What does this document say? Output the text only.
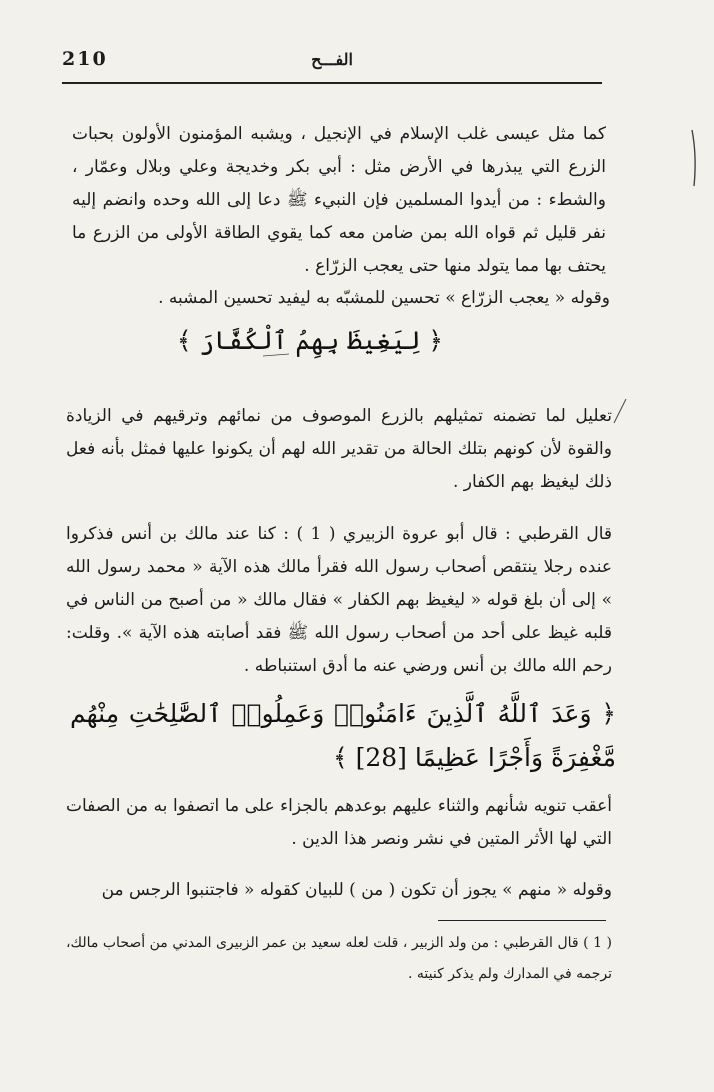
210	الفـــح
كما مثل عيسى غلب الإسلام في الإنجيل ، ويشبه المؤمنون الأولون بحبات الزرع التي يبذرها في الأرض مثل : أبي بكر وخديجة وعلي وبلال وعمّار ، والشطء : من أيدوا المسلمين فإن النبيء ﷺ دعا إلى الله وحده وانضم إليه نفر قليل ثم قواه الله بمن ضامن معه كما يقوي الطاقة الأولى من الزرع ما يحتف بها مما يتولد منها حتى يعجب الزرّاع .
وقوله « يعجب الزرّاع » تحسين للمشبّه به ليفيد تحسين المشبه .
﴿ لِيَغِيظَ بِهِمُ ٱلْكُفَّارَ ﴾
تعليل لما تضمنه تمثيلهم بالزرع الموصوف من نمائهم وترقيهم في الزيادة والقوة لأن كونهم بتلك الحالة من تقدير الله لهم أن يكونوا عليها فمثل بأنه فعل ذلك ليغيظ بهم الكفار .
قال القرطبي : قال أبو عروة الزبيري ( 1 ) : كنا عند مالك بن أنس فذكروا عنده رجلا ينتقص أصحاب رسول الله فقرأ مالك هذه الآية « محمد رسول الله » إلى أن بلغ قوله « ليغيظ بهم الكفار » فقال مالك « من أصبح من الناس في قلبه غيظ على أحد من أصحاب رسول الله ﷺ فقد أصابته هذه الآية ». وقلت: رحم الله مالك بن أنس ورضي عنه ما أدق استنباطه .
﴿ وَعَدَ ٱللَّهُ ٱلَّذِينَ ءَامَنُوا۟ وَعَمِلُوا۟ ٱلصَّٰلِحَٰتِ مِنْهُم مَّغْفِرَةً وَأَجْرًا عَظِيمًا [28] ﴾
أعقب تنويه شأنهم والثناء عليهم بوعدهم بالجزاء على ما اتصفوا به من الصفات التي لها الأثر المتين في نشر ونصر هذا الدين .
وقوله « منهم » يجوز أن تكون ( من ) للبيان كقوله « فاجتنبوا الرجس من
( 1 ) قال القرطبي : من ولد الزبير ، قلت لعله سعيد بن عمر الزبيرى المدني من أصحاب مالك، ترجمه في المدارك ولم يذكر كنيته .
